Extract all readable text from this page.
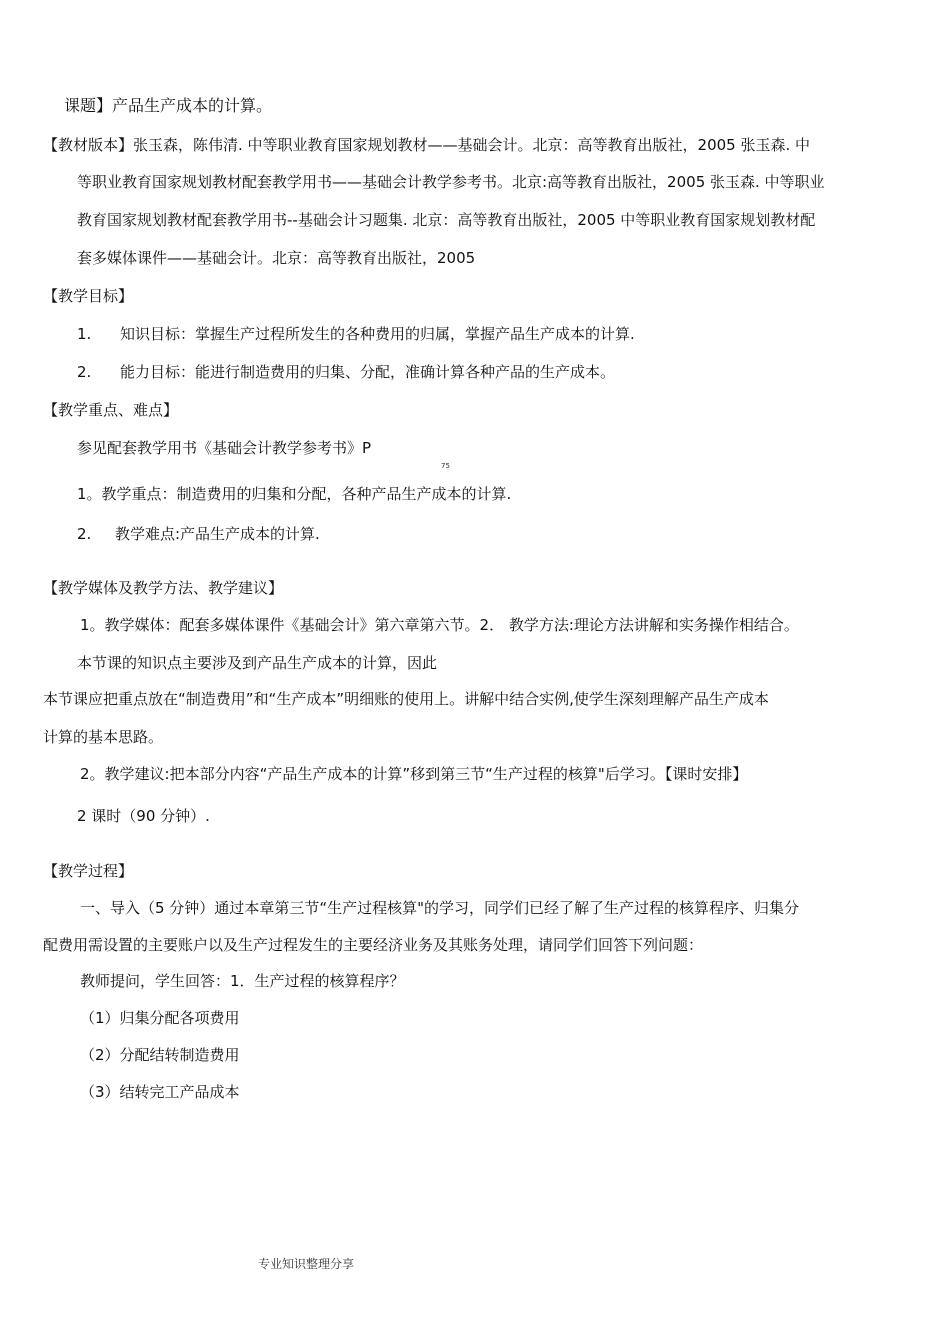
课题】产品生产成本的计算。
【教材版本】张玉森，陈伟清. 中等职业教育国家规划教材——基础会计。北京：高等教育出版社，2005 张玉森. 中
等职业教育国家规划教材配套教学用书——基础会计教学参考书。北京:高等教育出版社，2005 张玉森. 中等职业
教育国家规划教材配套教学用书--基础会计习题集. 北京：高等教育出版社，2005 中等职业教育国家规划教材配
套多媒体课件——基础会计。北京：高等教育出版社，2005
【教学目标】
1. 知识目标：掌握生产过程所发生的各种费用的归属，掌握产品生产成本的计算.
2. 能力目标：能进行制造费用的归集、分配，准确计算各种产品的生产成本。
【教学重点、难点】
参见配套教学用书《基础会计教学参考书》P
75
1。教学重点：制造费用的归集和分配，各种产品生产成本的计算.
2. 教学难点:产品生产成本的计算.
【教学媒体及教学方法、教学建议】
1。教学媒体：配套多媒体课件《基础会计》第六章第六节。2． 教学方法:理论方法讲解和实务操作相结合。
本节课的知识点主要涉及到产品生产成本的计算，因此
本节课应把重点放在“制造费用”和“生产成本”明细账的使用上。讲解中结合实例,使学生深刻理解产品生产成本
计算的基本思路。
2。教学建议:把本部分内容“产品生产成本的计算”移到第三节“生产过程的核算"后学习。【课时安排】
2 课时（90 分钟）.
【教学过程】
一、导入（5 分钟）通过本章第三节“生产过程核算"的学习，同学们已经了解了生产过程的核算程序、归集分
配费用需设置的主要账户以及生产过程发生的主要经济业务及其账务处理，请同学们回答下列问题：
教师提问，学生回答：1．生产过程的核算程序？
（1）归集分配各项费用
（2）分配结转制造费用
（3）结转完工产品成本
专业知识整理分享
